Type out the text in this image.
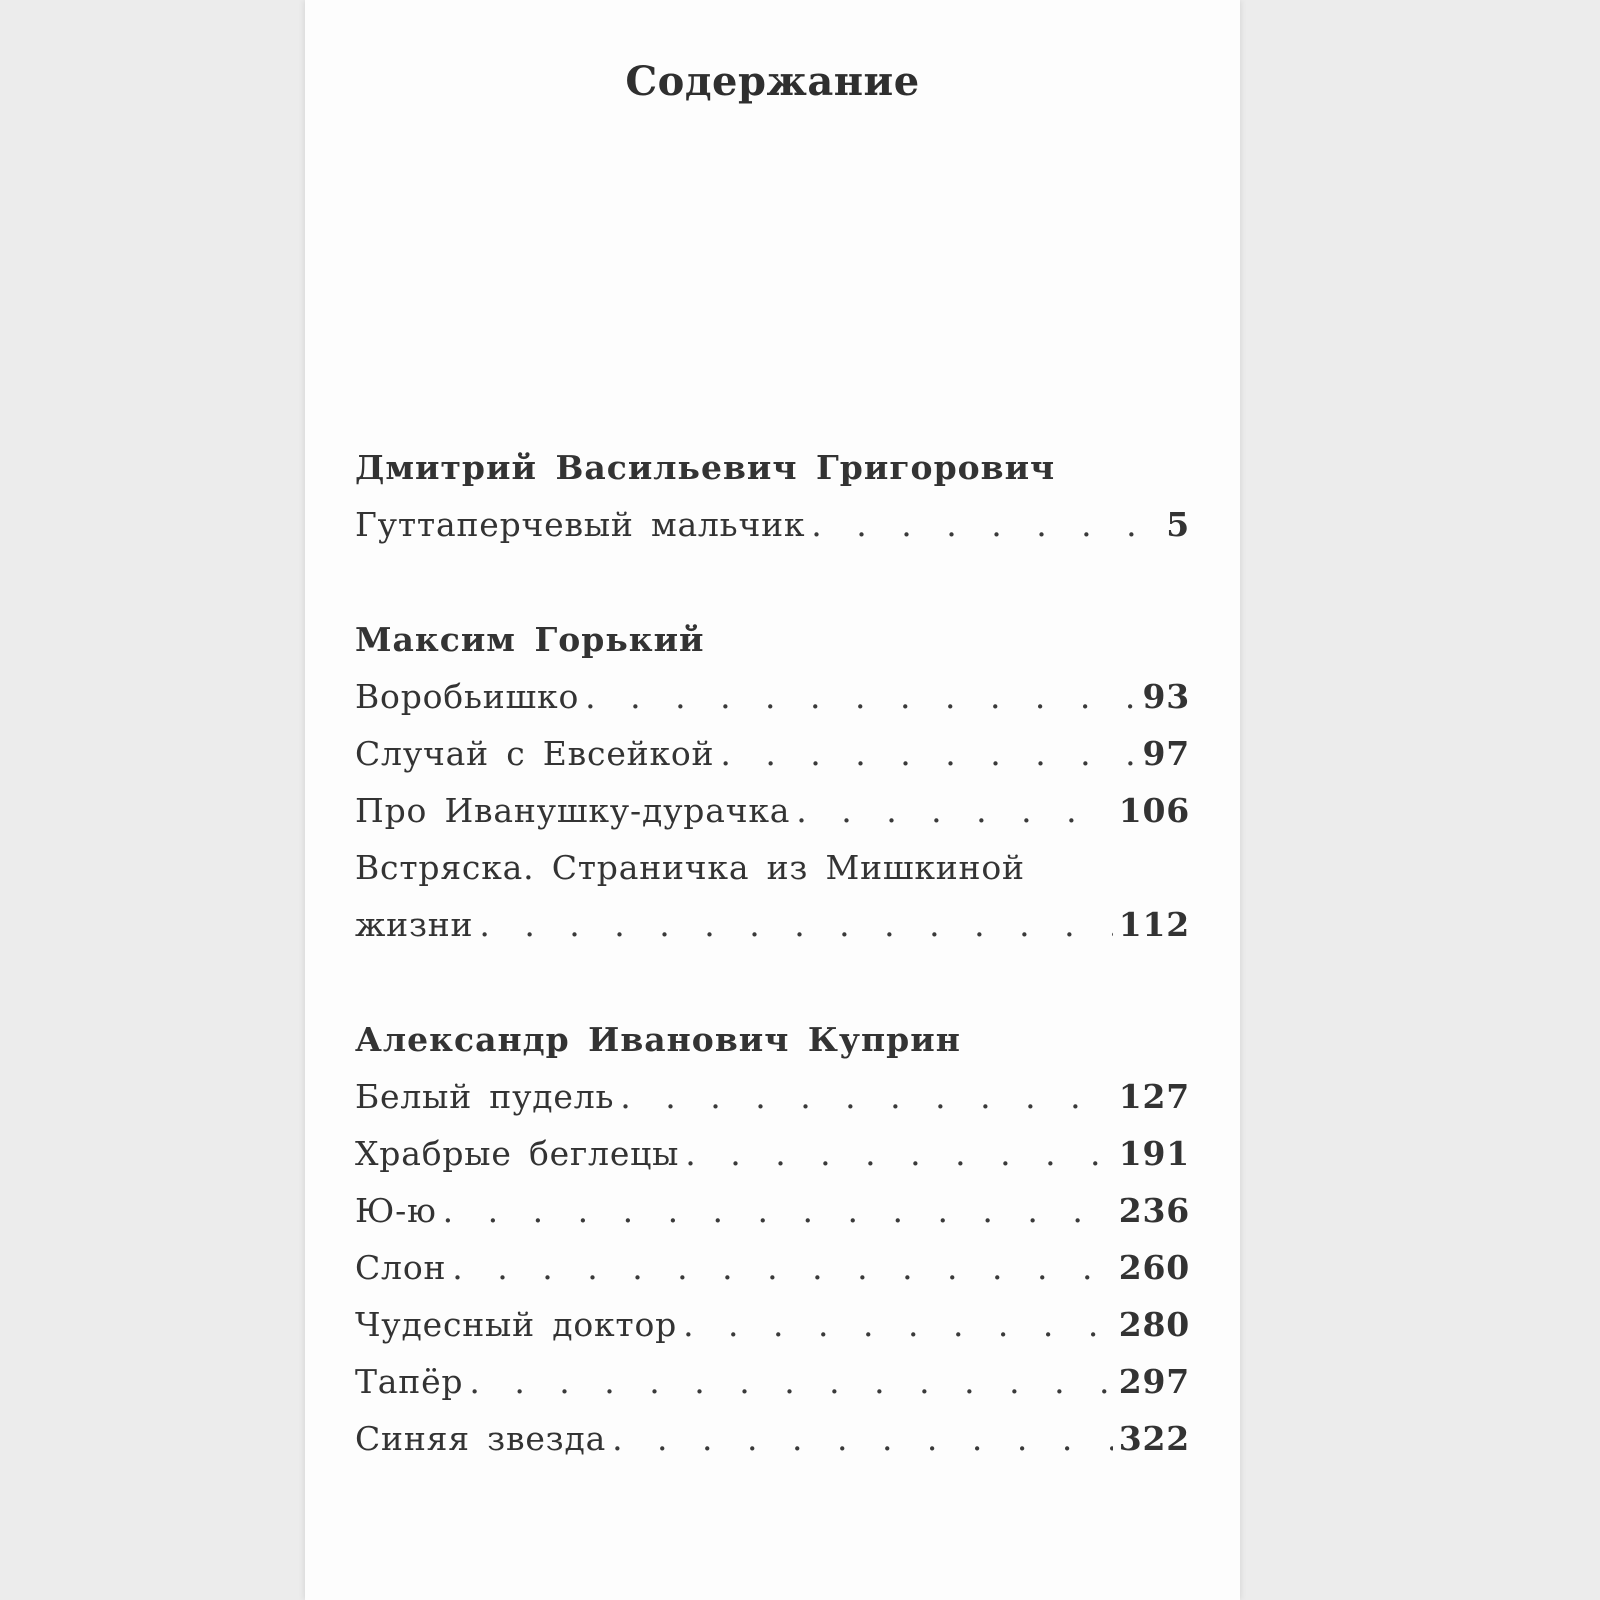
Содержание
Дмитрий Васильевич Григорович
Гуттаперчевый мальчик . . .	5
Максим Горький
Воробьишко . . .	93
Случай с Евсейкой . . .	97
Про Иванушку-дурачка . . .	106
Встряска. Страничка из Мишкиной
жизни . . .	112
Александр Иванович Куприн
Белый пудель . . .	127
Храбрые беглецы . . .	191
Ю-ю . . .	236
Слон . . .	260
Чудесный доктор . . .	280
Тапёр . . .	297
Синяя звезда . . .	322
